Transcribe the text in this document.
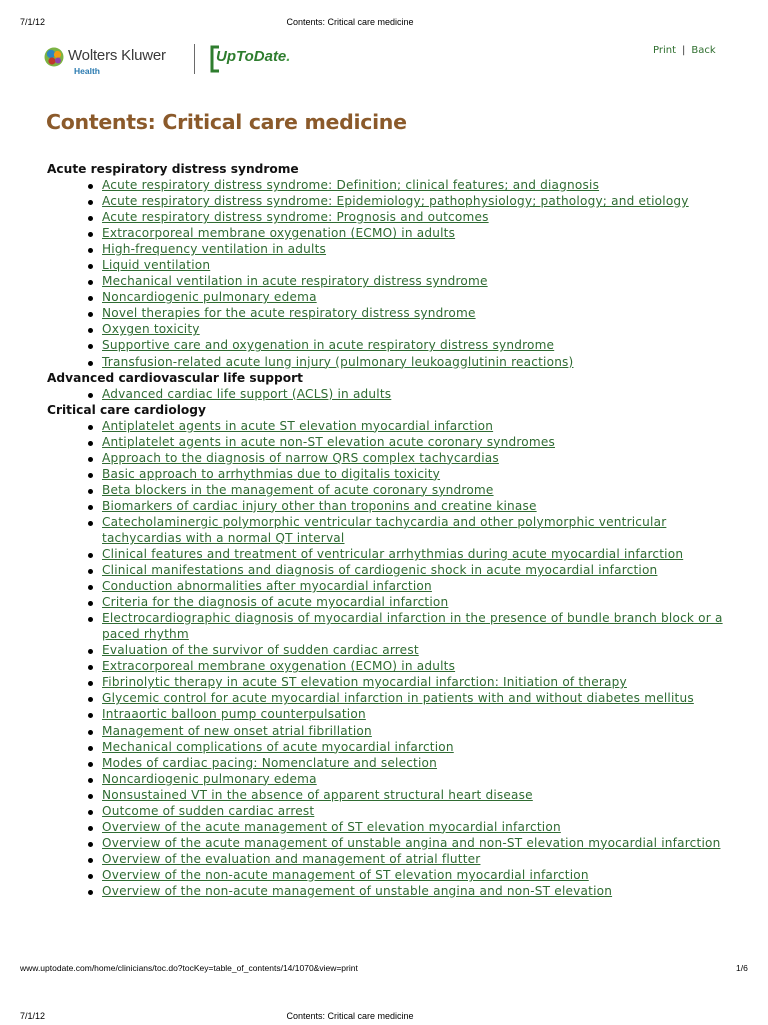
7/1/12	Contents: Critical care medicine
Wolters Kluwer
Health
UpToDate.	Print | Back
Contents: Critical care medicine
Acute respiratory distress syndrome
Acute respiratory distress syndrome: Definition; clinical features; and diagnosis
Acute respiratory distress syndrome: Epidemiology; pathophysiology; pathology; and etiology
Acute respiratory distress syndrome: Prognosis and outcomes
Extracorporeal membrane oxygenation (ECMO) in adults
High-frequency ventilation in adults
Liquid ventilation
Mechanical ventilation in acute respiratory distress syndrome
Noncardiogenic pulmonary edema
Novel therapies for the acute respiratory distress syndrome
Oxygen toxicity
Supportive care and oxygenation in acute respiratory distress syndrome
Transfusion-related acute lung injury (pulmonary leukoagglutinin reactions)
Advanced cardiovascular life support
Advanced cardiac life support (ACLS) in adults
Critical care cardiology
Antiplatelet agents in acute ST elevation myocardial infarction
Antiplatelet agents in acute non-ST elevation acute coronary syndromes
Approach to the diagnosis of narrow QRS complex tachycardias
Basic approach to arrhythmias due to digitalis toxicity
Beta blockers in the management of acute coronary syndrome
Biomarkers of cardiac injury other than troponins and creatine kinase
Catecholaminergic polymorphic ventricular tachycardia and other polymorphic ventricular tachycardias with a normal QT interval
Clinical features and treatment of ventricular arrhythmias during acute myocardial infarction
Clinical manifestations and diagnosis of cardiogenic shock in acute myocardial infarction
Conduction abnormalities after myocardial infarction
Criteria for the diagnosis of acute myocardial infarction
Electrocardiographic diagnosis of myocardial infarction in the presence of bundle branch block or a paced rhythm
Evaluation of the survivor of sudden cardiac arrest
Extracorporeal membrane oxygenation (ECMO) in adults
Fibrinolytic therapy in acute ST elevation myocardial infarction: Initiation of therapy
Glycemic control for acute myocardial infarction in patients with and without diabetes mellitus
Intraaortic balloon pump counterpulsation
Management of new onset atrial fibrillation
Mechanical complications of acute myocardial infarction
Modes of cardiac pacing: Nomenclature and selection
Noncardiogenic pulmonary edema
Nonsustained VT in the absence of apparent structural heart disease
Outcome of sudden cardiac arrest
Overview of the acute management of ST elevation myocardial infarction
Overview of the acute management of unstable angina and non-ST elevation myocardial infarction
Overview of the evaluation and management of atrial flutter
Overview of the non-acute management of ST elevation myocardial infarction
Overview of the non-acute management of unstable angina and non-ST elevation
www.uptodate.com/home/clinicians/toc.do?tocKey=table_of_contents/14/1070&view=print	1/6
7/1/12	Contents: Critical care medicine
